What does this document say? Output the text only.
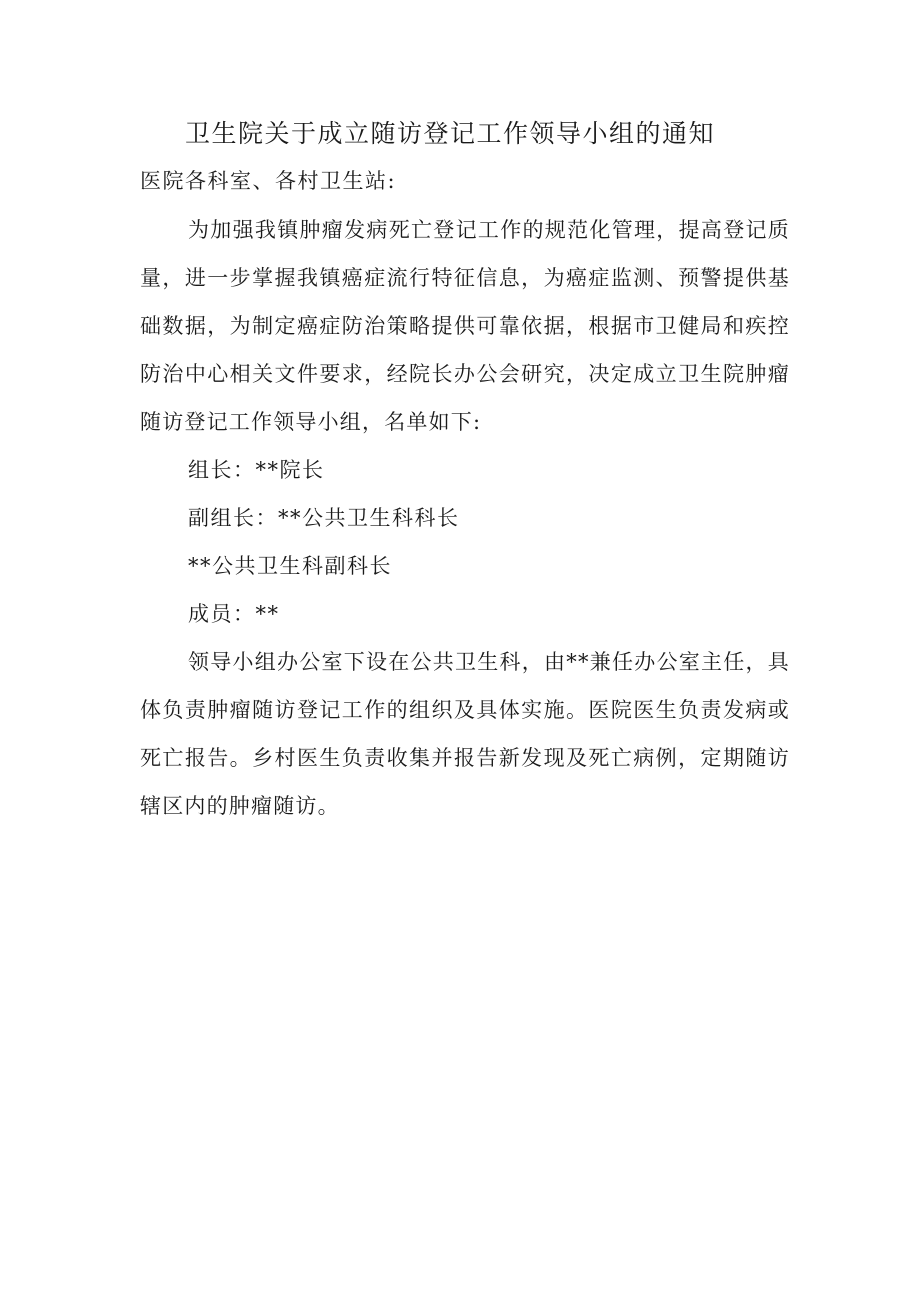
卫生院关于成立随访登记工作领导小组的通知

医院各科室、各村卫生站:

为加强我镇肿瘤发病死亡登记工作的规范化管理，提高登记质量，进一步掌握我镇癌症流行特征信息，为癌症监测、预警提供基础数据，为制定癌症防治策略提供可靠依据，根据市卫健局和疾控防治中心相关文件要求，经院长办公会研究，决定成立卫生院肿瘤随访登记工作领导小组，名单如下:

组长：**院长

副组长：**公共卫生科科长

**公共卫生科副科长

成员：**

领导小组办公室下设在公共卫生科，由**兼任办公室主任，具体负责肿瘤随访登记工作的组织及具体实施。医院医生负责发病或死亡报告。乡村医生负责收集并报告新发现及死亡病例，定期随访辖区内的肿瘤随访。
